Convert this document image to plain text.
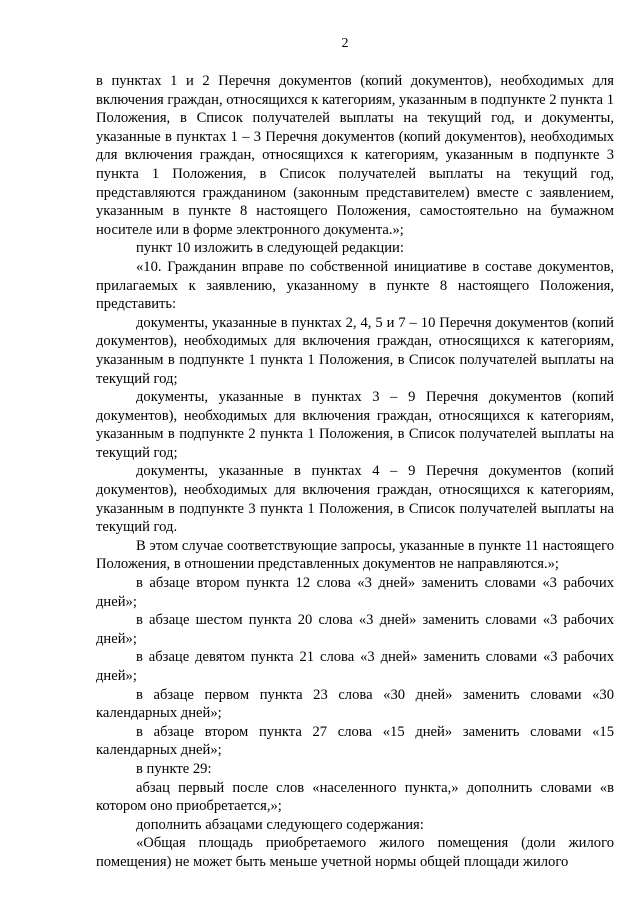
2

в пунктах 1 и 2 Перечня документов (копий документов), необходимых для включения граждан, относящихся к категориям, указанным в подпункте 2 пункта 1 Положения, в Список получателей выплаты на текущий год, и документы, указанные в пунктах 1 – 3 Перечня документов (копий документов), необходимых для включения граждан, относящихся к категориям, указанным в подпункте 3 пункта 1 Положения, в Список получателей выплаты на текущий год, представляются гражданином (законным представителем) вместе с заявлением, указанным в пункте 8 настоящего Положения, самостоятельно на бумажном носителе или в форме электронного документа.»;

пункт 10 изложить в следующей редакции:

«10. Гражданин вправе по собственной инициативе в составе документов, прилагаемых к заявлению, указанному в пункте 8 настоящего Положения, представить:

документы, указанные в пунктах 2, 4, 5 и 7 – 10 Перечня документов (копий документов), необходимых для включения граждан, относящихся к категориям, указанным в подпункте 1 пункта 1 Положения, в Список получателей выплаты на текущий год;

документы, указанные в пунктах 3 – 9 Перечня документов (копий документов), необходимых для включения граждан, относящихся к категориям, указанным в подпункте 2 пункта 1 Положения, в Список получателей выплаты на текущий год;

документы, указанные в пунктах 4 – 9 Перечня документов (копий документов), необходимых для включения граждан, относящихся к категориям, указанным в подпункте 3 пункта 1 Положения, в Список получателей выплаты на текущий год.

В этом случае соответствующие запросы, указанные в пункте 11 настоящего Положения, в отношении представленных документов не направляются.»;

в абзаце втором пункта 12 слова «3 дней» заменить словами «3 рабочих дней»;

в абзаце шестом пункта 20 слова «3 дней» заменить словами «3 рабочих дней»;

в абзаце девятом пункта 21 слова «3 дней» заменить словами «3 рабочих дней»;

в абзаце первом пункта 23 слова «30 дней» заменить словами «30 календарных дней»;

в абзаце втором пункта 27 слова «15 дней» заменить словами «15 календарных дней»;

в пункте 29:

абзац первый после слов «населенного пункта,» дополнить словами «в котором оно приобретается,»;

дополнить абзацами следующего содержания:

«Общая площадь приобретаемого жилого помещения (доли жилого помещения) не может быть меньше учетной нормы общей площади жилого
